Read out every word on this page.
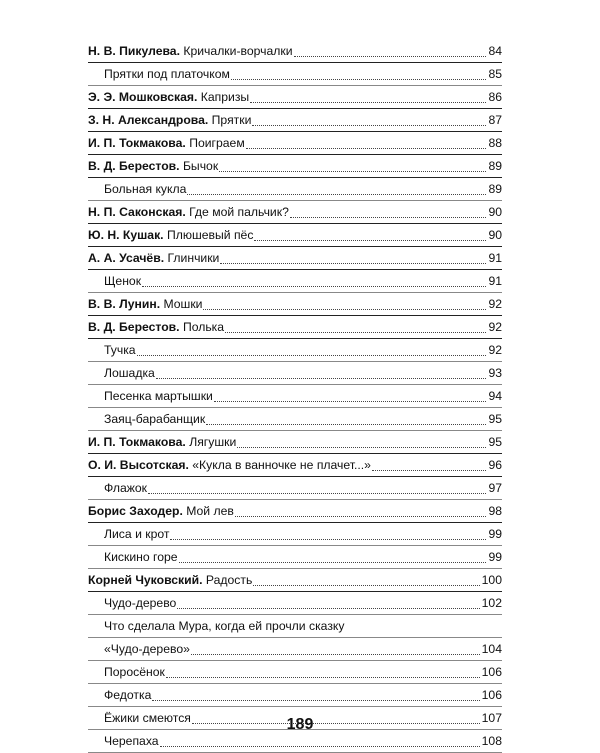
Н. В. Пикулева. Кричалки-ворчалки	84
Прятки под платочком	85
Э. Э. Мошковская. Капризы	86
З. Н. Александрова. Прятки	87
И. П. Токмакова. Поиграем	88
В. Д. Берестов. Бычок	89
Больная кукла	89
Н. П. Саконская. Где мой пальчик?	90
Ю. Н. Кушак. Плюшевый пёс	90
А. А. Усачёв. Глинчики	91
Щенок	91
В. В. Лунин. Мошки	92
В. Д. Берестов. Полька	92
Тучка	92
Лошадка	93
Песенка мартышки	94
Заяц-барабанщик	95
И. П. Токмакова. Лягушки	95
О. И. Высотская. «Кукла в ванночке не плачет...»	96
Флажок	97
Борис Заходер. Мой лев	98
Лиса и крот	99
Кискино горе	99
Корней Чуковский. Радость	100
Чудо-дерево	102
Что сделала Мура, когда ей прочли сказку
«Чудо-дерево»	104
Поросёнок	106
Федотка	106
Ёжики смеются	107
Черепаха	108
189
